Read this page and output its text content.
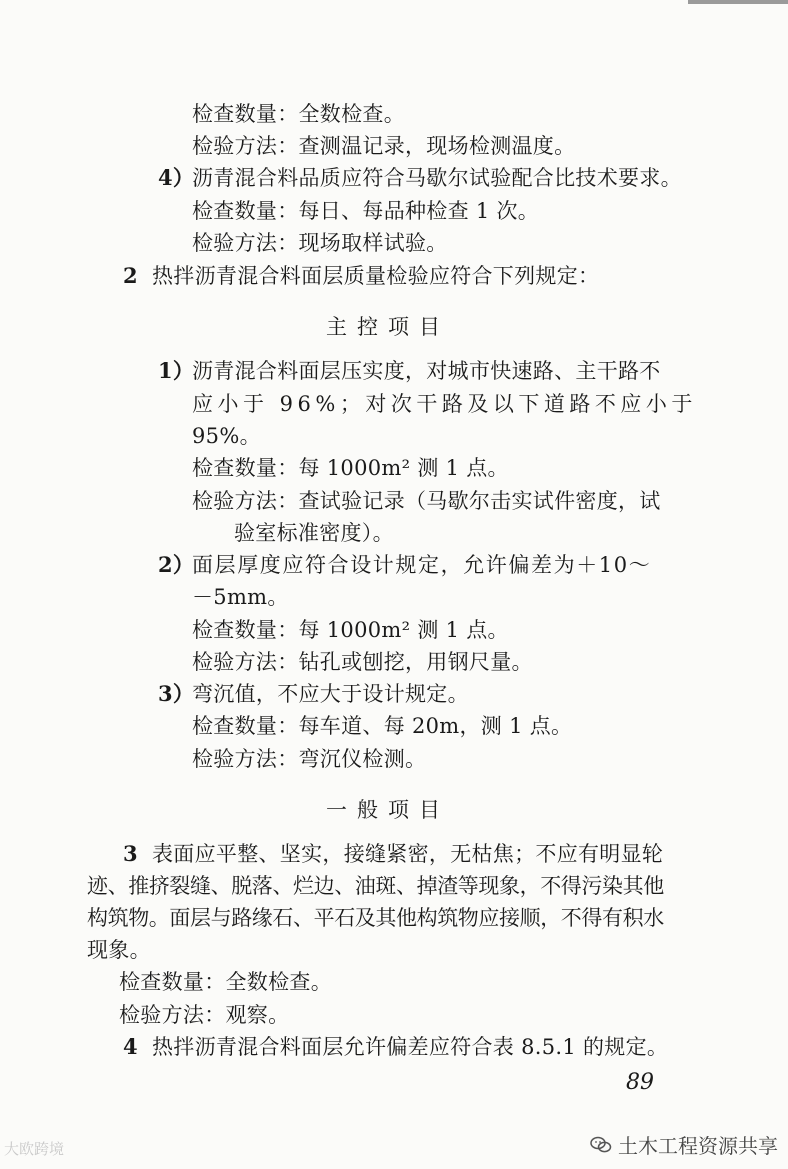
检查数量：全数检查。
检验方法：查测温记录，现场检测温度。
4）
沥青混合料品质应符合马歇尔试验配合比技术要求。
检查数量：每日、每品种检查 1 次。
检验方法：现场取样试验。
2 热拌沥青混合料面层质量检验应符合下列规定：
主控项目
1）
沥青混合料面层压实度，对城市快速路、主干路不
应小于 96%；对次干路及以下道路不应小于
95%。
检查数量：每 1000m² 测 1 点。
检验方法：查试验记录（马歇尔击实试件密度，试
验室标准密度）。
2）
面层厚度应符合设计规定，允许偏差为＋10～
－5mm。
检查数量：每 1000m² 测 1 点。
检验方法：钻孔或刨挖，用钢尺量。
3）
弯沉值，不应大于设计规定。
检查数量：每车道、每 20m，测 1 点。
检验方法：弯沉仪检测。
一般项目
3 表面应平整、坚实，接缝紧密，无枯焦；不应有明显轮
迹、推挤裂缝、脱落、烂边、油斑、掉渣等现象，不得污染其他
构筑物。面层与路缘石、平石及其他构筑物应接顺，不得有积水
现象。
检查数量：全数检查。
检验方法：观察。
4 热拌沥青混合料面层允许偏差应符合表 8.5.1 的规定。
89
大欧跨境	土木工程资源共享
